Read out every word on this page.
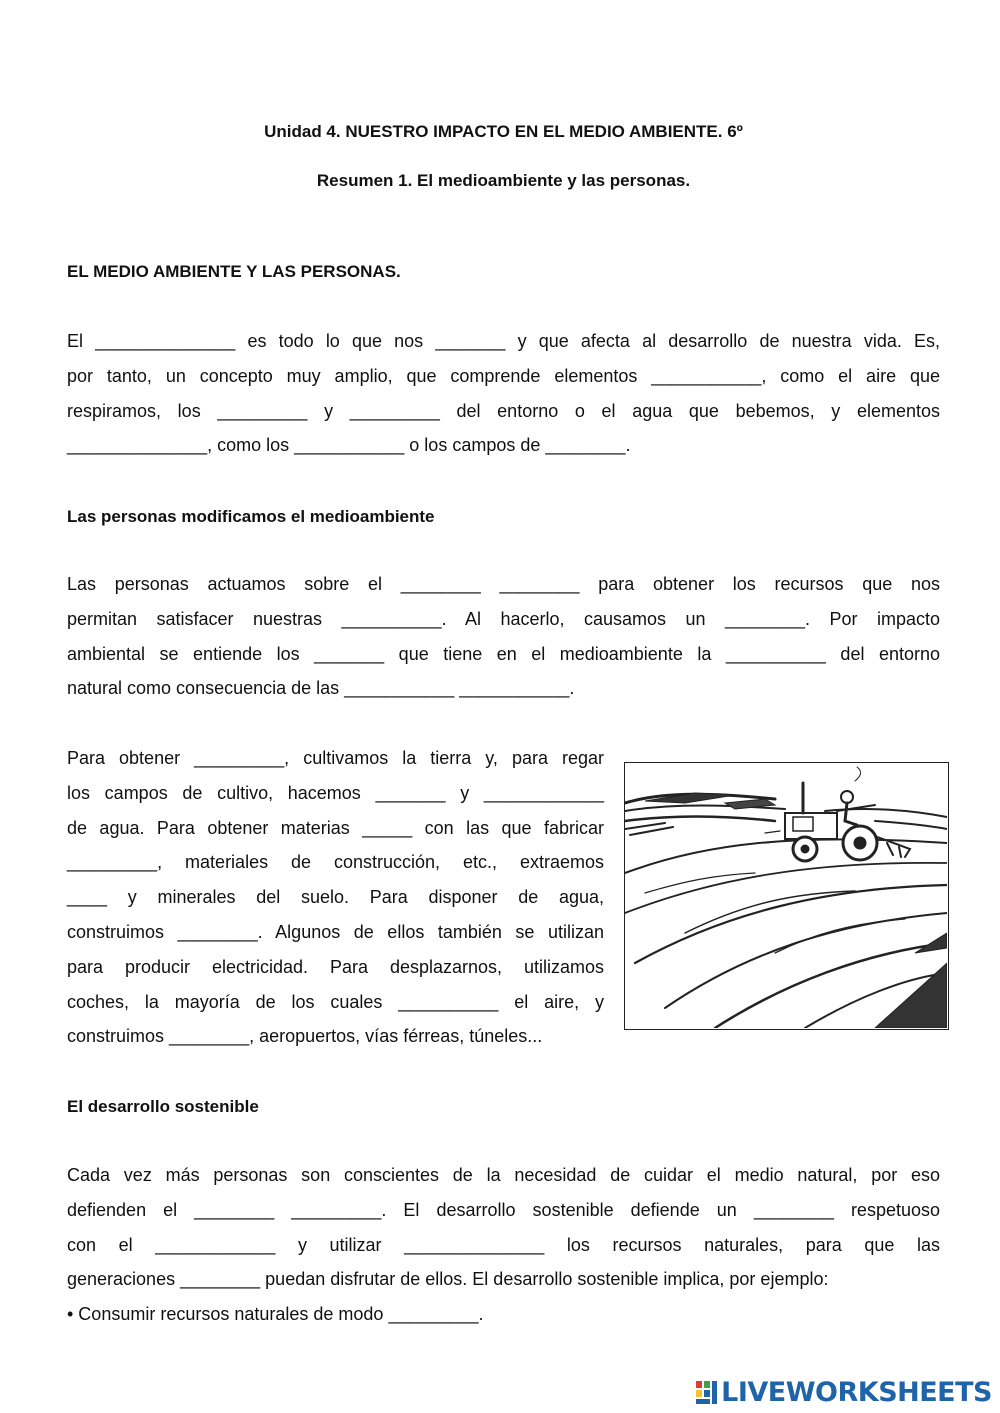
Unidad 4. NUESTRO IMPACTO EN EL MEDIO AMBIENTE. 6º
Resumen 1. El medioambiente y las personas.
EL MEDIO AMBIENTE Y LAS PERSONAS.
El ______________ es todo lo que nos _______ y que afecta al desarrollo de nuestra vida. Es,
por tanto, un concepto muy amplio, que comprende elementos ___________, como el aire que
respiramos, los _________ y _________ del entorno o el agua que bebemos, y elementos
______________, como los ___________ o los campos de ________.
Las personas modificamos el medioambiente
Las personas actuamos sobre el ________ ________ para obtener los recursos que nos
permitan satisfacer nuestras __________. Al hacerlo, causamos un ________. Por impacto
ambiental se entiende los _______ que tiene en el medioambiente la __________ del entorno
natural como consecuencia de las ___________ ___________.
Para obtener _________, cultivamos la tierra y, para regar
los campos de cultivo, hacemos _______ y ____________
de agua. Para obtener materias _____ con las que fabricar
_________, materiales de construcción, etc., extraemos
____ y minerales del suelo. Para disponer de agua,
construimos ________. Algunos de ellos también se utilizan
para producir electricidad. Para desplazarnos, utilizamos
coches, la mayoría de los cuales __________ el aire, y
construimos ________, aeropuertos, vías férreas, túneles...
El desarrollo sostenible
Cada vez más personas son conscientes de la necesidad de cuidar el medio natural, por eso
defienden el ________ _________. El desarrollo sostenible defiende un ________ respetuoso
con el ____________ y utilizar ______________ los recursos naturales, para que las
generaciones ________ puedan disfrutar de ellos. El desarrollo sostenible implica, por ejemplo:
• Consumir recursos naturales de modo _________.
LIVEWORKSHEETS
